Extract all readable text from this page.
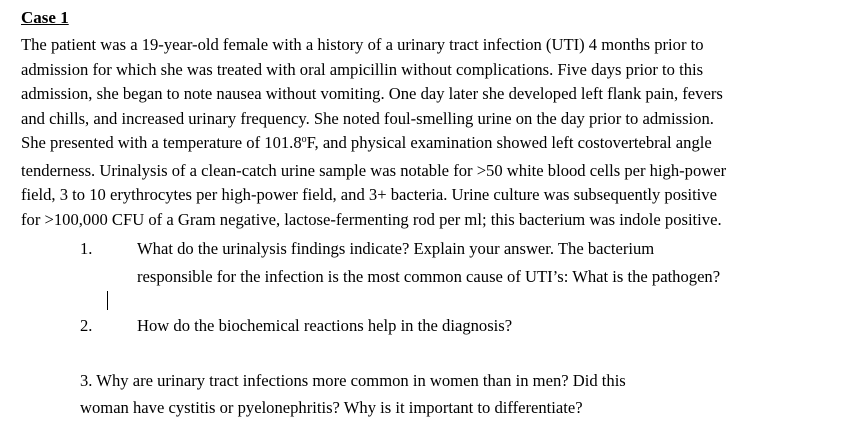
Case 1
The patient was a 19-year-old female with a history of a urinary tract infection (UTI) 4 months prior to
admission for which she was treated with oral ampicillin without complications. Five days prior to this
admission, she began to note nausea without vomiting. One day later she developed left flank pain, fevers
and chills, and increased urinary frequency. She noted foul-smelling urine on the day prior to admission.
She presented with a temperature of 101.8$^o$F, and physical examination showed left costovertebral angle
tenderness. Urinalysis of a clean-catch urine sample was notable for >50 white blood cells per high-power
field, 3 to 10 erythrocytes per high-power field, and 3+ bacteria. Urine culture was subsequently positive
for >100,000 CFU of a Gram negative, lactose-fermenting rod per ml; this bacterium was indole positive.
1.	What do the urinalysis findings indicate? Explain your answer. The bacterium
responsible for the infection is the most common cause of UTI’s: What is the pathogen?
2.	How do the biochemical reactions help in the diagnosis?
3. Why are urinary tract infections more common in women than in men? Did this
woman have cystitis or pyelonephritis? Why is it important to differentiate?
